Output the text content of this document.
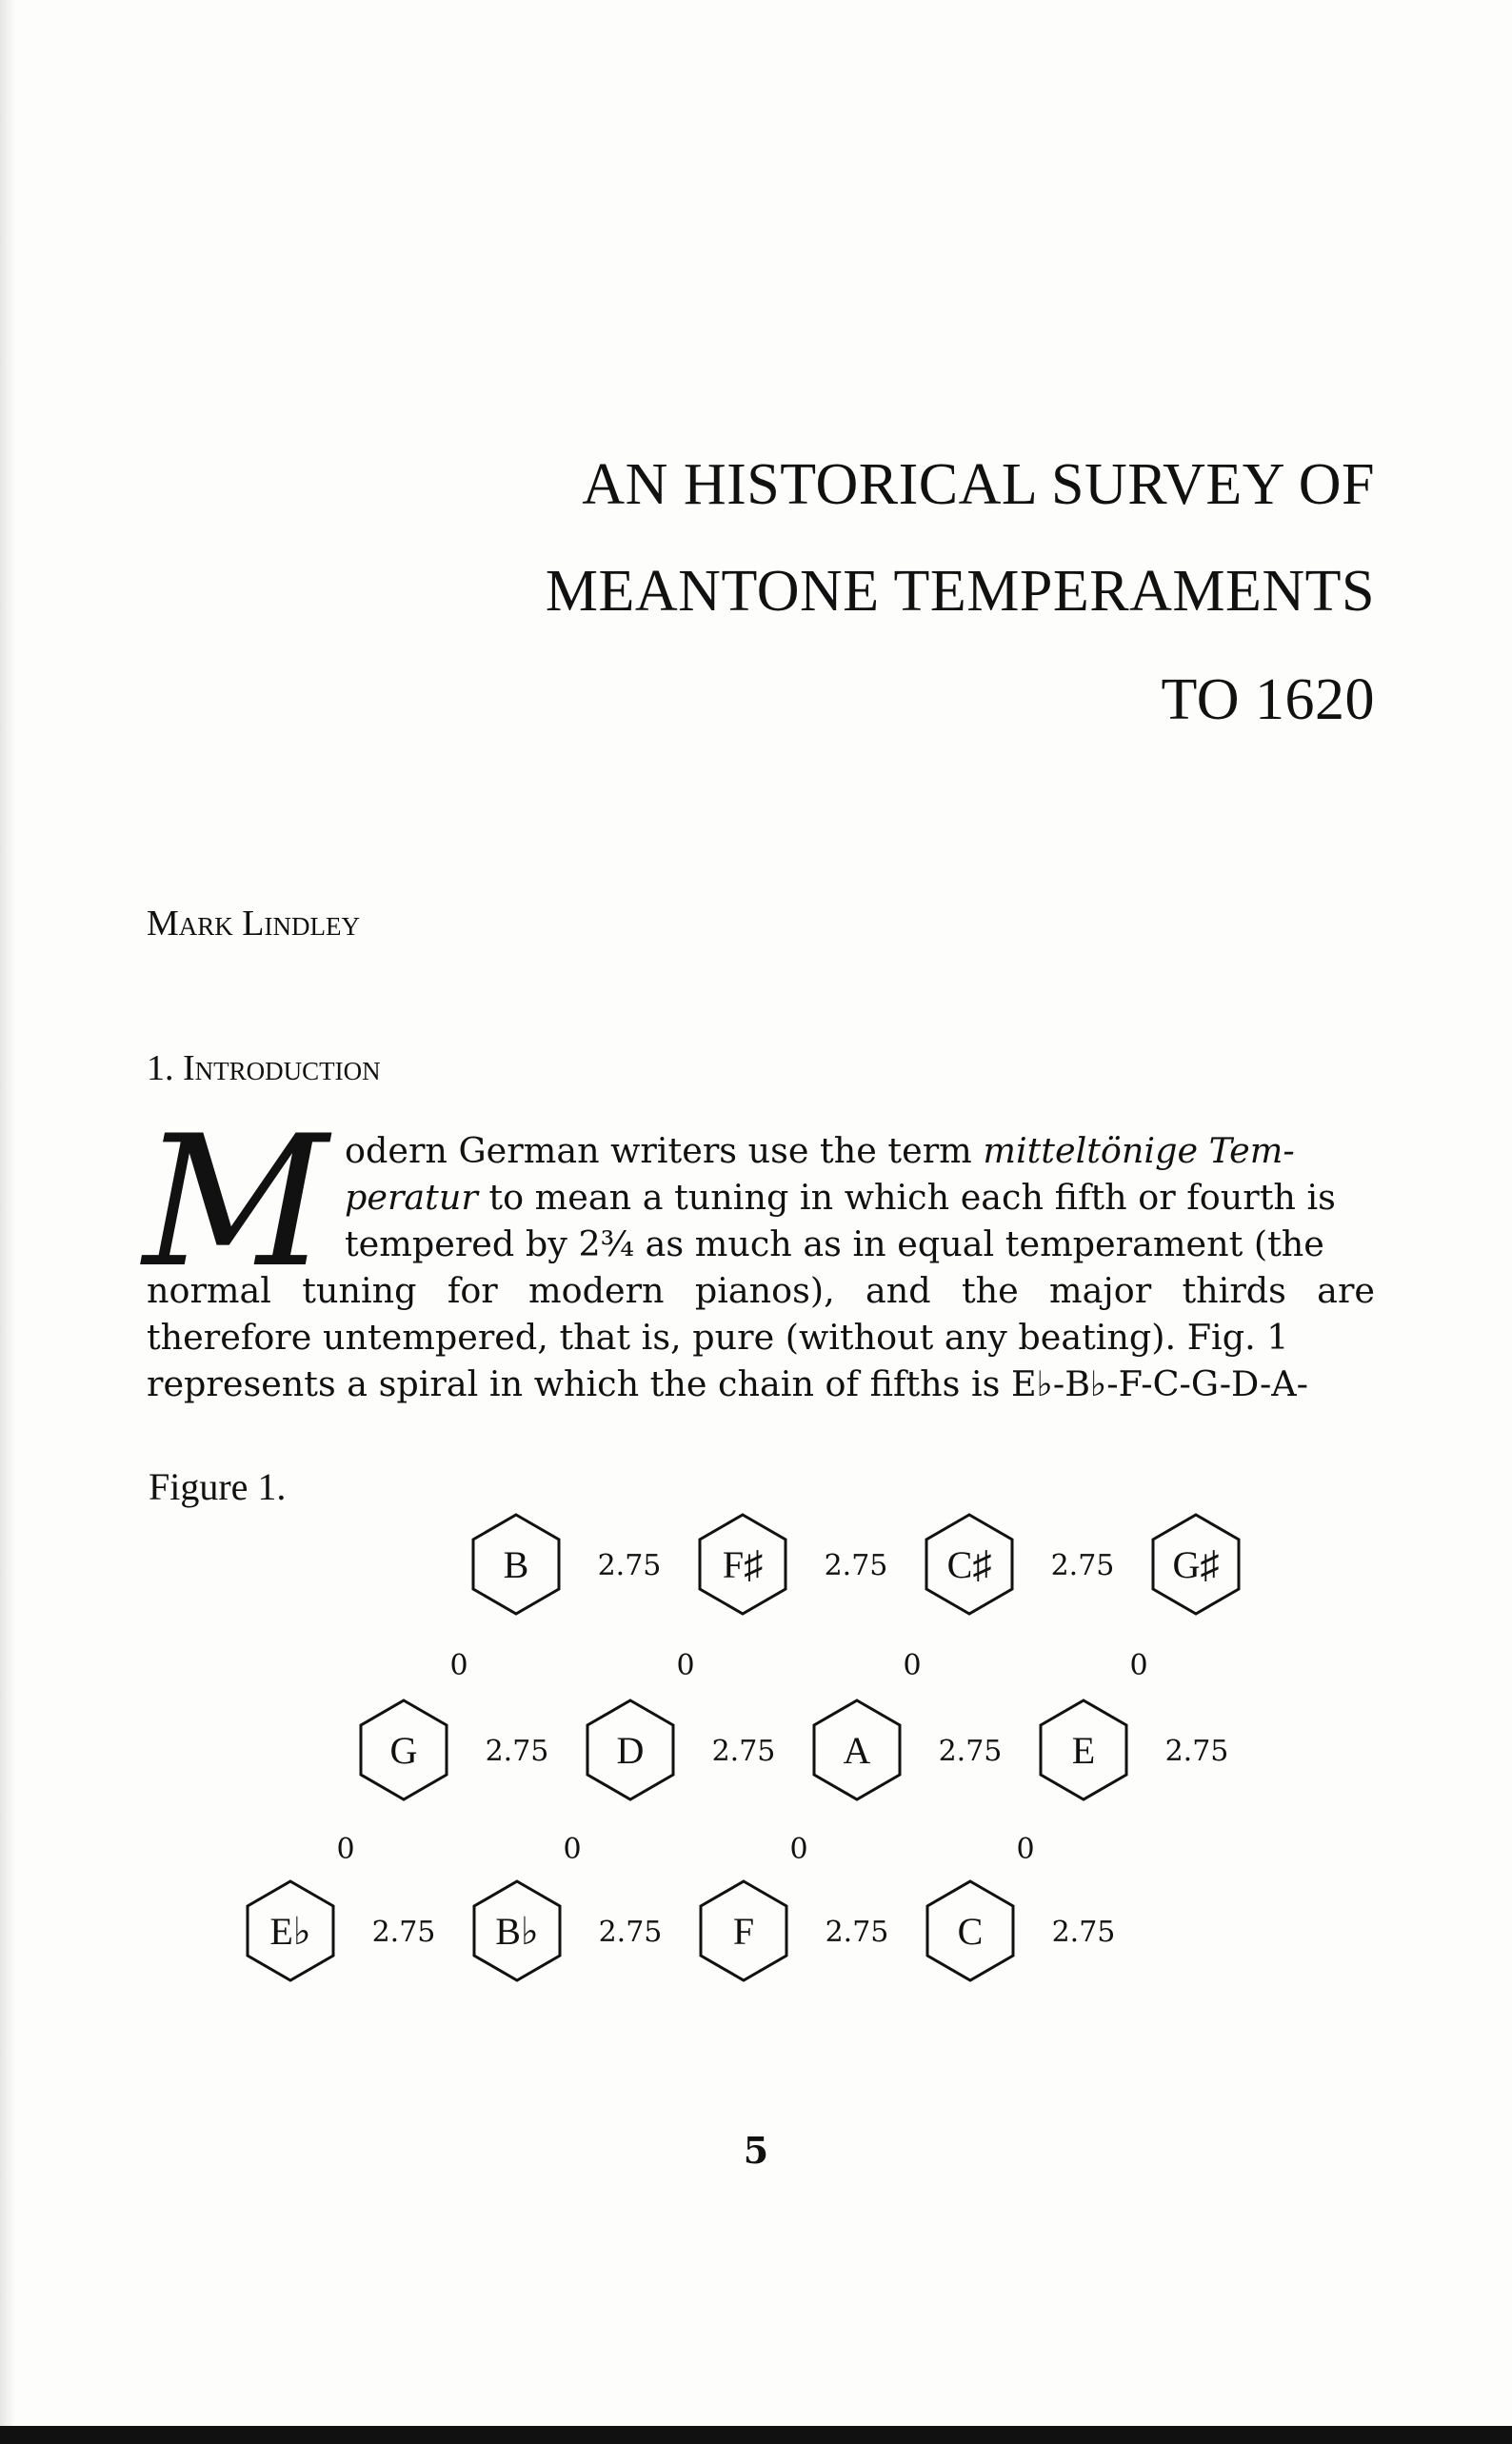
AN HISTORICAL SURVEY OF
MEANTONE TEMPERAMENTS
TO 1620
Mark Lindley
1. Introduction
M odern German writers use the term mitteltönige Tem-
peratur to mean a tuning in which each fifth or fourth is
tempered by 2¾ as much as in equal temperament (the
normal tuning for modern pianos), and the major thirds are
therefore untempered, that is, pure (without any beating). Fig. 1
represents a spiral in which the chain of fifths is E♭-B♭-F-C-G-D-A-
Figure 1.
B	F♯	C♯	G♯
2.75	2.75	2.75
0	0	0	0
G	D	A	E
2.75	2.75	2.75	2.75
0	0	0	0
E♭	B♭	F	C
2.75	2.75	2.75	2.75
5
